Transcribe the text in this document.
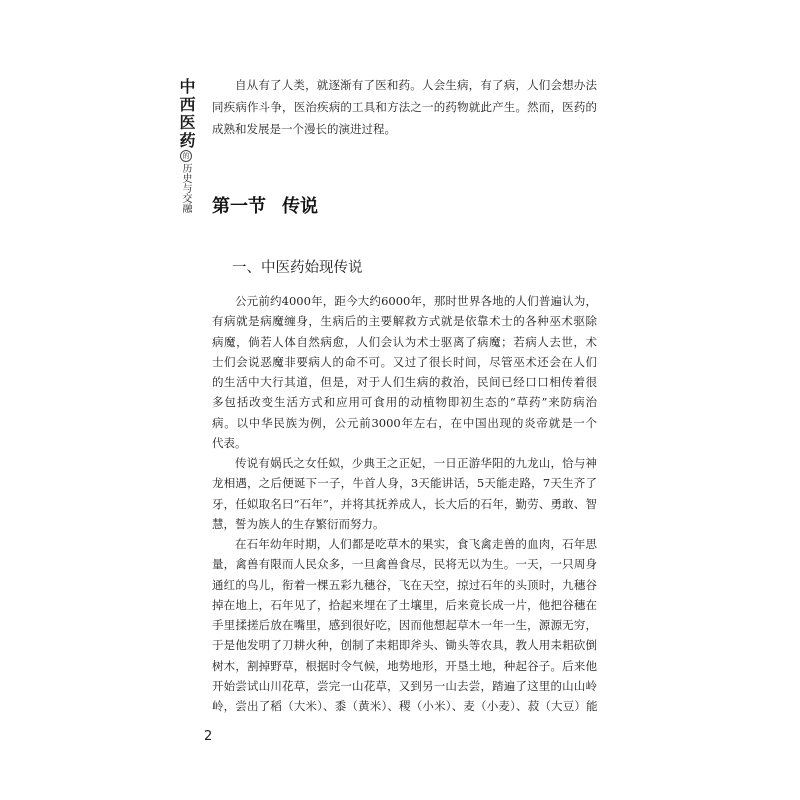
中西医药
的
历史与交融
自从有了人类，就逐渐有了医和药。人会生病，有了病，人们会想办法
同疾病作斗争，医治疾病的工具和方法之一的药物就此产生。然而，医药的
成熟和发展是一个漫长的演进过程。
第一节 传说
一、中医药始现传说
公元前约4000年，距今大约6000年，那时世界各地的人们普遍认为，
有病就是病魔缠身，生病后的主要解救方式就是依靠术士的各种巫术驱除
病魔，倘若人体自然病愈，人们会认为术士驱离了病魔；若病人去世，术
士们会说恶魔非要病人的命不可。又过了很长时间，尽管巫术还会在人们
的生活中大行其道，但是，对于人们生病的救治，民间已经口口相传着很
多包括改变生活方式和应用可食用的动植物即初生态的“草药”来防病治
病。以中华民族为例，公元前3000年左右，在中国出现的炎帝就是一个
代表。
传说有娲氏之女任姒，少典王之正妃，一日正游华阳的九龙山，恰与神
龙相遇，之后便诞下一子，牛首人身，3天能讲话，5天能走路，7天生齐了
牙，任姒取名曰“石年”，并将其抚养成人，长大后的石年，勤劳、勇敢、智
慧，誓为族人的生存繁衍而努力。
在石年幼年时期，人们都是吃草木的果实，食飞禽走兽的血肉，石年思
量，禽兽有限而人民众多，一旦禽兽食尽，民将无以为生。一天，一只周身
通红的鸟儿，衔着一棵五彩九穗谷，飞在天空，掠过石年的头顶时，九穗谷
掉在地上，石年见了，拾起来埋在了土壤里，后来竟长成一片，他把谷穗在
手里揉搓后放在嘴里，感到很好吃，因而他想起草木一年一生，源源无穷，
于是他发明了刀耕火种，创制了耒耜即斧头、锄头等农具，教人用耒耜砍倒
树木，割掉野草，根据时令气候，地势地形，开垦土地，种起谷子。后来他
开始尝试山川花草，尝完一山花草，又到另一山去尝，踏遍了这里的山山岭
岭，尝出了稻（大米）、黍（黄米）、稷（小米）、麦（小麦）、菽（大豆）能
2
